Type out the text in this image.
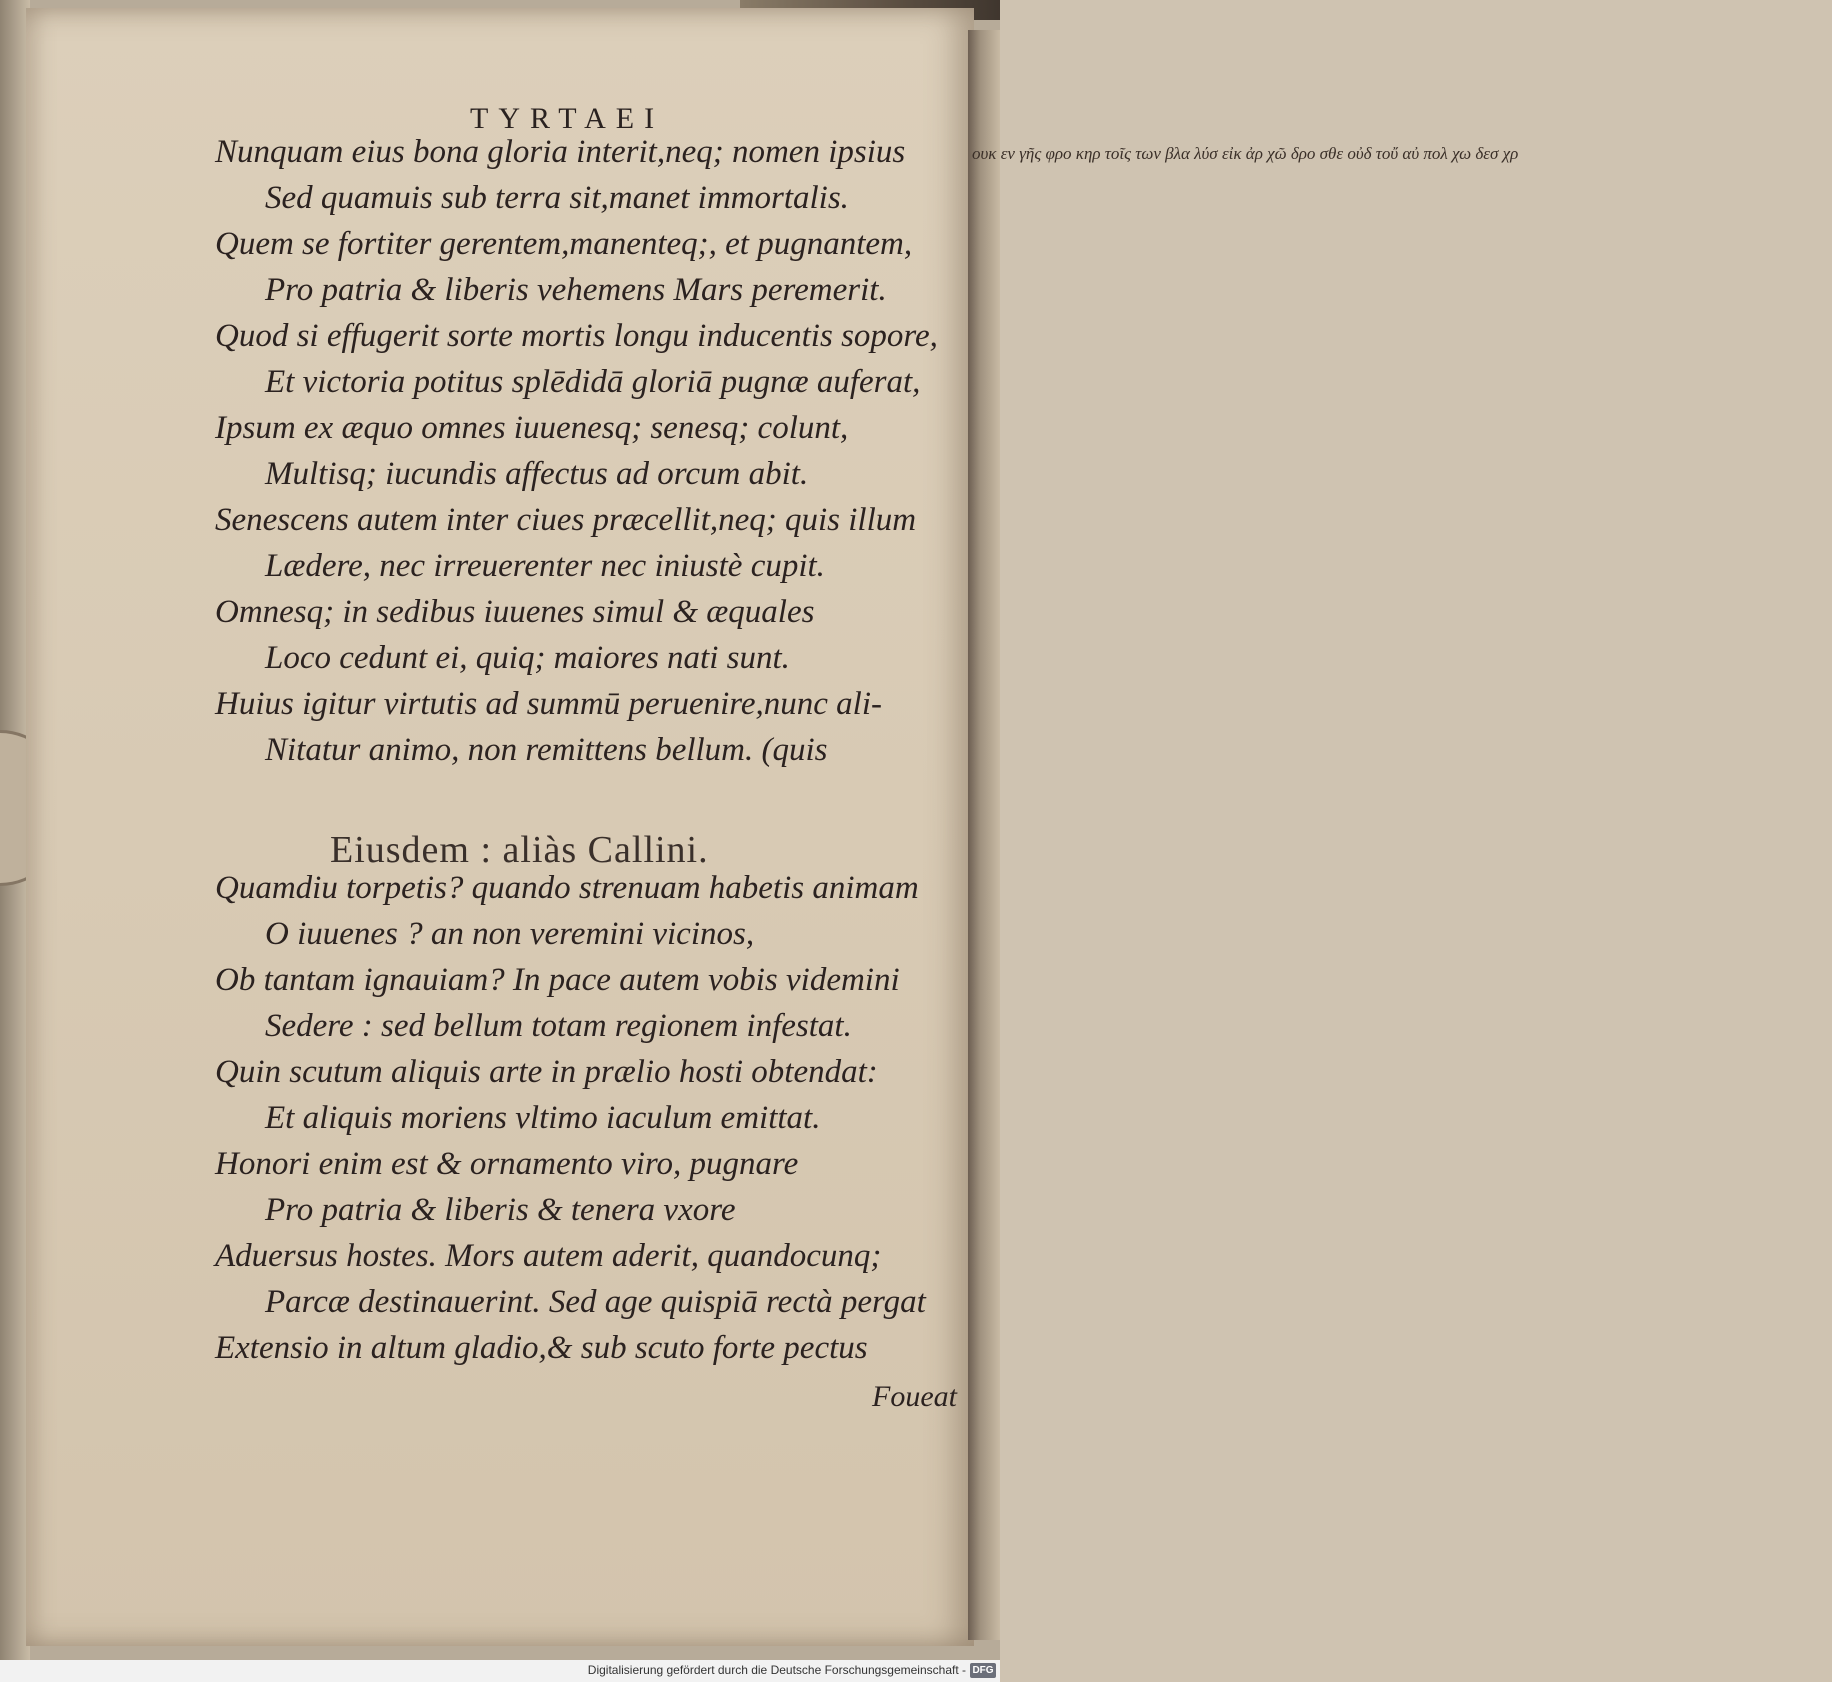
ουκ εν γῆς φρο κηρ τοῖς των βλα λύσ εἰκ ἀρ χῶ δρο σθε οὐδ τοὔ αὐ πολ χω δεσ χρ
TYRTAEI
Nunquam eius bona gloria interit,neq; nomen ipsius
Sed quamuis sub terra sit,manet immortalis.
Quem se fortiter gerentem,manenteq;, et pugnantem,
Pro patria & liberis vehemens Mars peremerit.
Quod si effugerit sorte mortis longu inducentis sopore,
Et victoria potitus splēdidā gloriā pugnæ auferat,
Ipsum ex æquo omnes iuuenesq; senesq; colunt,
Multisq; iucundis affectus ad orcum abit.
Senescens autem inter ciues præcellit,neq; quis illum
Lædere, nec irreuerenter nec iniustè cupit.
Omnesq; in sedibus iuuenes simul & æquales
Loco cedunt ei, quiq; maiores nati sunt.
Huius igitur virtutis ad summū peruenire,nunc ali-
Nitatur animo, non remittens bellum. (quis
Eiusdem : aliàs Callini.
Quamdiu torpetis? quando strenuam habetis animam
O iuuenes ? an non veremini vicinos,
Ob tantam ignauiam? In pace autem vobis videmini
Sedere : sed bellum totam regionem infestat.
Quin scutum aliquis arte in prælio hosti obtendat:
Et aliquis moriens vltimo iaculum emittat.
Honori enim est & ornamento viro, pugnare
Pro patria & liberis & tenera vxore
Aduersus hostes. Mors autem aderit, quandocunq;
Parcæ destinauerint. Sed age quispiā rectà pergat
Extensio in altum gladio,& sub scuto forte pectus
Foueat
Digitalisierung gefördert durch die Deutsche Forschungsgemeinschaft - DFG
